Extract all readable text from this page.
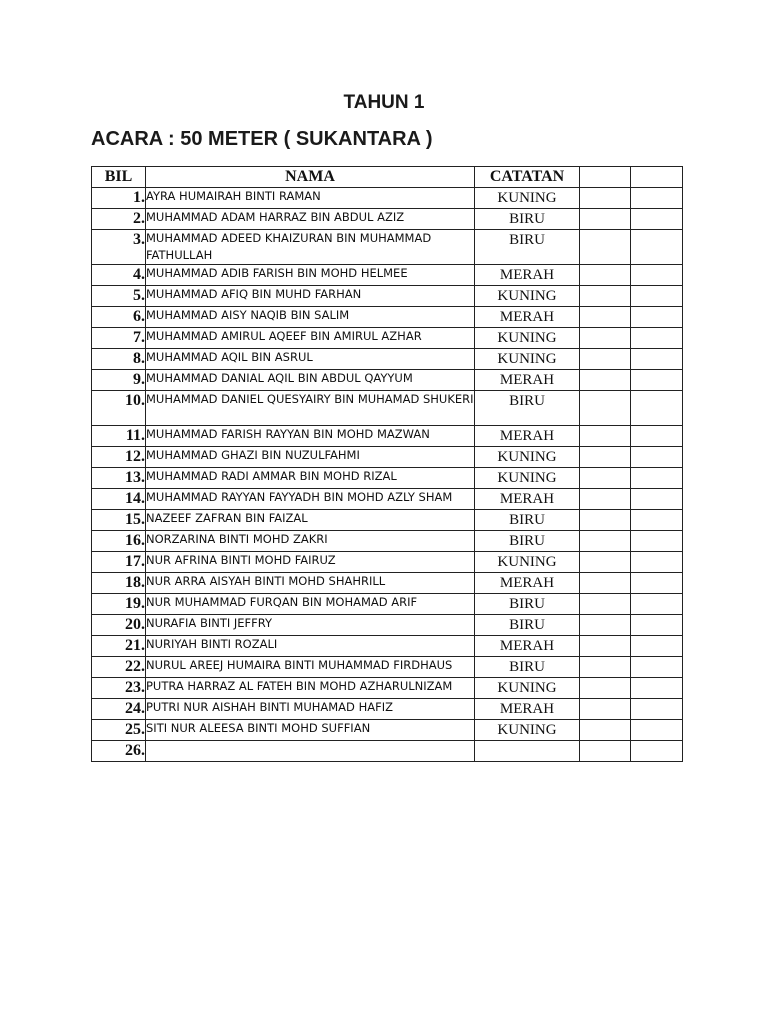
TAHUN 1
ACARA : 50 METER ( SUKANTARA )
BIL	NAMA	CATATAN		
1.	AYRA HUMAIRAH BINTI RAMAN	KUNING		
2.	MUHAMMAD ADAM HARRAZ BIN ABDUL AZIZ	BIRU		
3.	MUHAMMAD ADEED KHAIZURAN BIN MUHAMMAD FATHULLAH	BIRU		
4.	MUHAMMAD ADIB FARISH BIN MOHD HELMEE	MERAH		
5.	MUHAMMAD AFIQ BIN MUHD FARHAN	KUNING		
6.	MUHAMMAD AISY NAQIB BIN SALIM	MERAH		
7.	MUHAMMAD AMIRUL AQEEF BIN AMIRUL AZHAR	KUNING		
8.	MUHAMMAD AQIL BIN ASRUL	KUNING		
9.	MUHAMMAD DANIAL AQIL BIN ABDUL QAYYUM	MERAH		
10.	MUHAMMAD DANIEL QUESYAIRY BIN MUHAMAD SHUKERI	BIRU		
11.	MUHAMMAD FARISH RAYYAN BIN MOHD MAZWAN	MERAH		
12.	MUHAMMAD GHAZI BIN NUZULFAHMI	KUNING		
13.	MUHAMMAD RADI AMMAR BIN MOHD RIZAL	KUNING		
14.	MUHAMMAD RAYYAN FAYYADH BIN MOHD AZLY SHAM	MERAH		
15.	NAZEEF ZAFRAN BIN FAIZAL	BIRU		
16.	NORZARINA BINTI MOHD ZAKRI	BIRU		
17.	NUR AFRINA BINTI MOHD FAIRUZ	KUNING		
18.	NUR ARRA AISYAH BINTI MOHD SHAHRILL	MERAH		
19.	NUR MUHAMMAD FURQAN BIN MOHAMAD ARIF	BIRU		
20.	NURAFIA BINTI JEFFRY	BIRU		
21.	NURIYAH BINTI ROZALI	MERAH		
22.	NURUL AREEJ HUMAIRA BINTI MUHAMMAD FIRDHAUS	BIRU		
23.	PUTRA HARRAZ AL FATEH BIN MOHD AZHARULNIZAM	KUNING		
24.	PUTRI NUR AISHAH BINTI MUHAMAD HAFIZ	MERAH		
25.	SITI NUR ALEESA BINTI MOHD SUFFIAN	KUNING		
26.				
